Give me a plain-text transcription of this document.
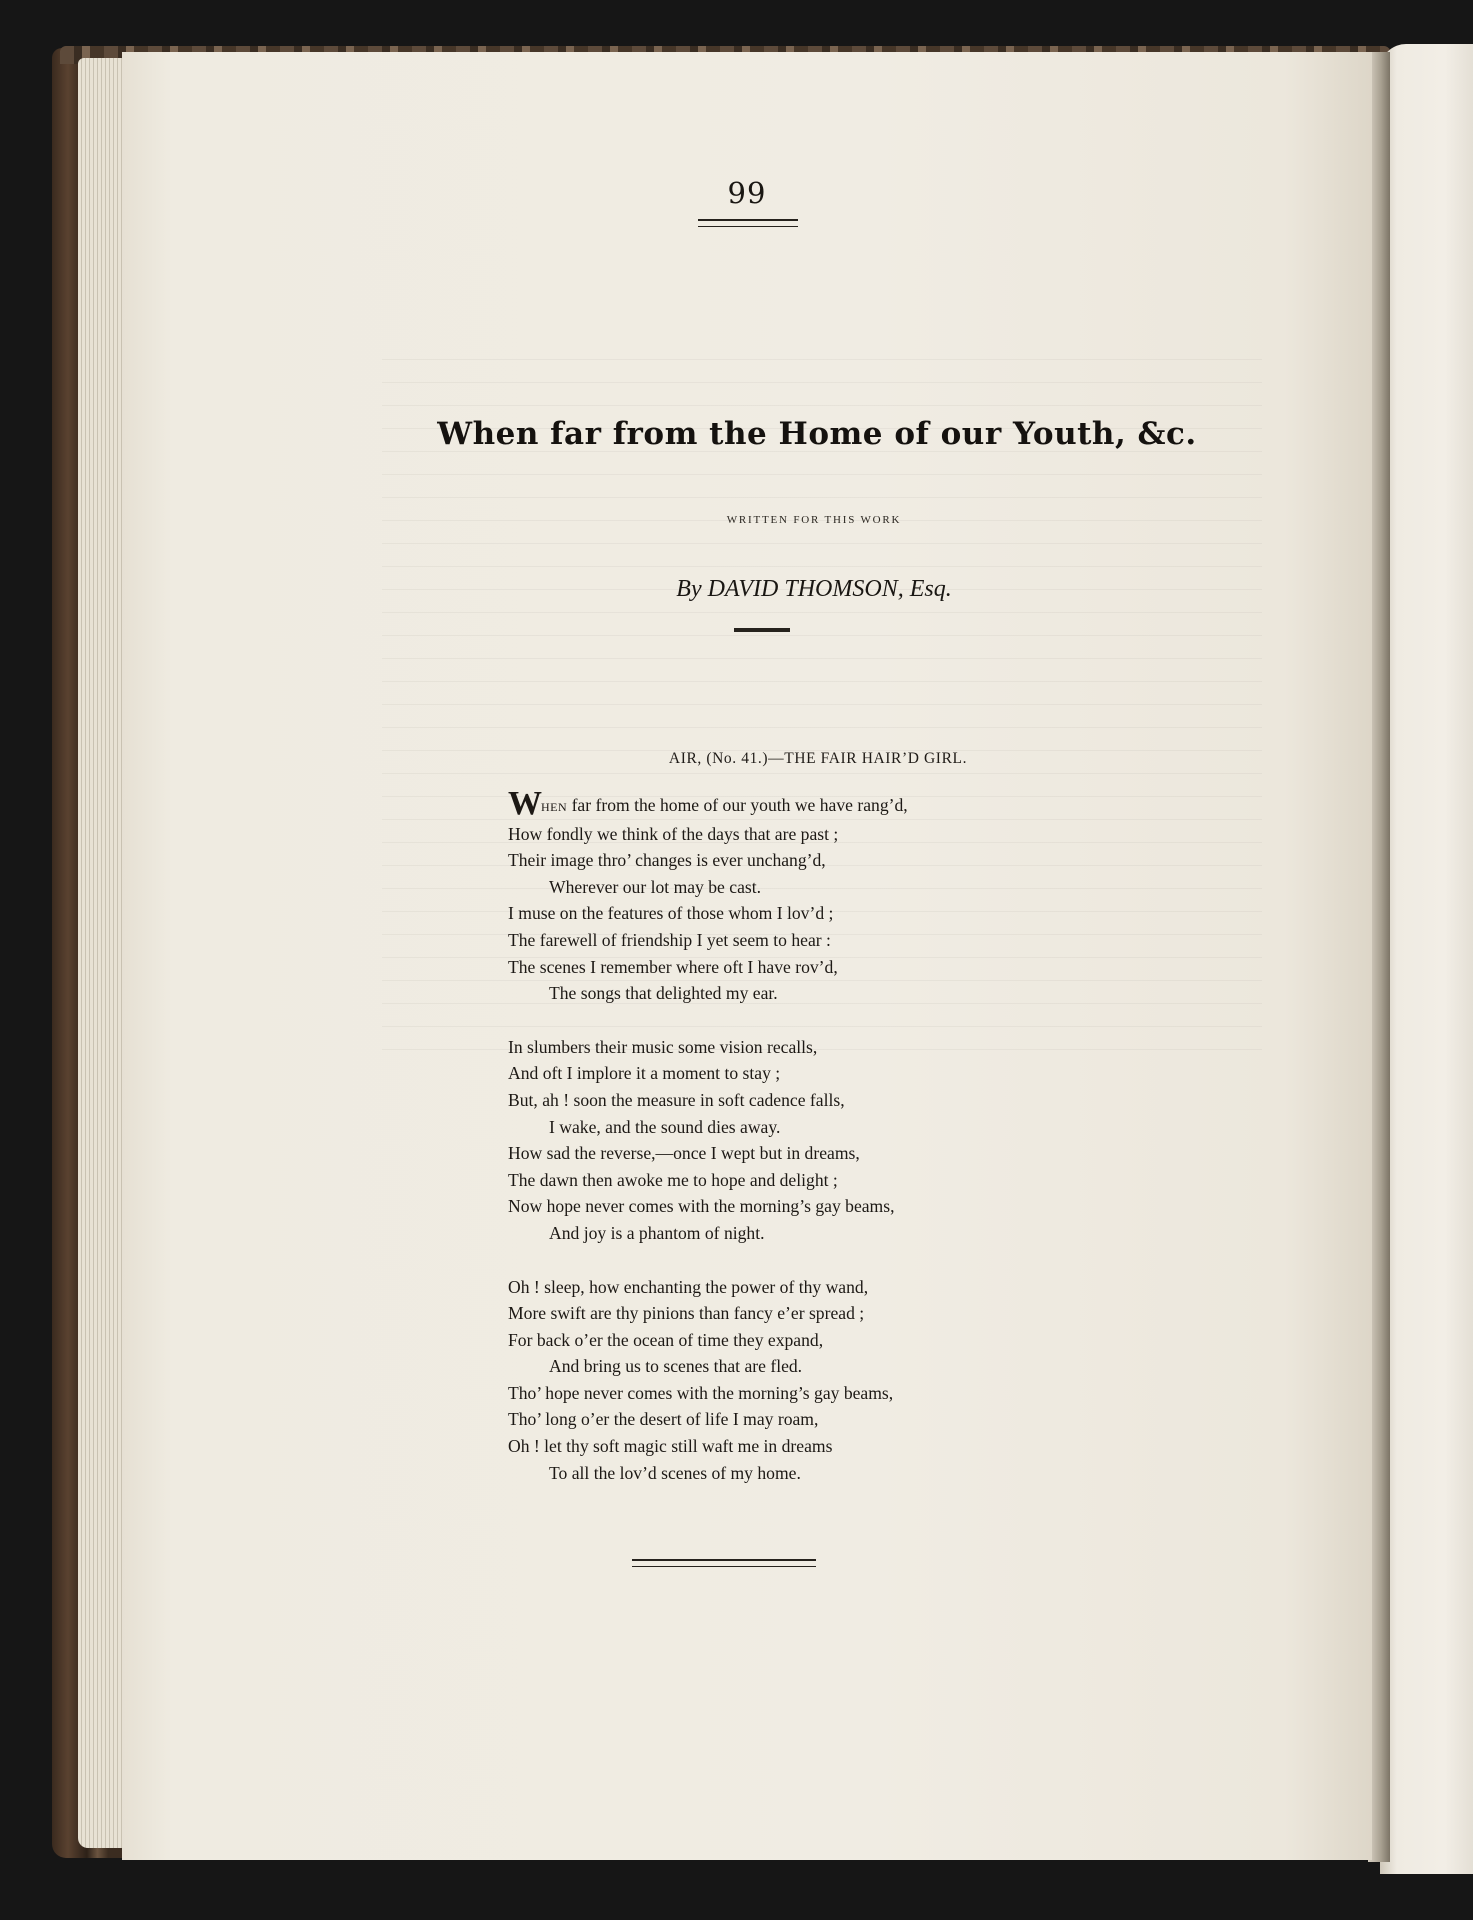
99
When far from the Home of our Youth, &c.
WRITTEN FOR THIS WORK
By DAVID THOMSON, Esq.
AIR, (No. 41.)—THE FAIR HAIR’D GIRL.
WHEN far from the home of our youth we have rang’d,
How fondly we think of the days that are past ;
Their image thro’ changes is ever unchang’d,
Wherever our lot may be cast.
I muse on the features of those whom I lov’d ;
The farewell of friendship I yet seem to hear :
The scenes I remember where oft I have rov’d,
The songs that delighted my ear.
In slumbers their music some vision recalls,
And oft I implore it a moment to stay ;
But, ah ! soon the measure in soft cadence falls,
I wake, and the sound dies away.
How sad the reverse,—once I wept but in dreams,
The dawn then awoke me to hope and delight ;
Now hope never comes with the morning’s gay beams,
And joy is a phantom of night.
Oh ! sleep, how enchanting the power of thy wand,
More swift are thy pinions than fancy e’er spread ;
For back o’er the ocean of time they expand,
And bring us to scenes that are fled.
Tho’ hope never comes with the morning’s gay beams,
Tho’ long o’er the desert of life I may roam,
Oh ! let thy soft magic still waft me in dreams
To all the lov’d scenes of my home.
